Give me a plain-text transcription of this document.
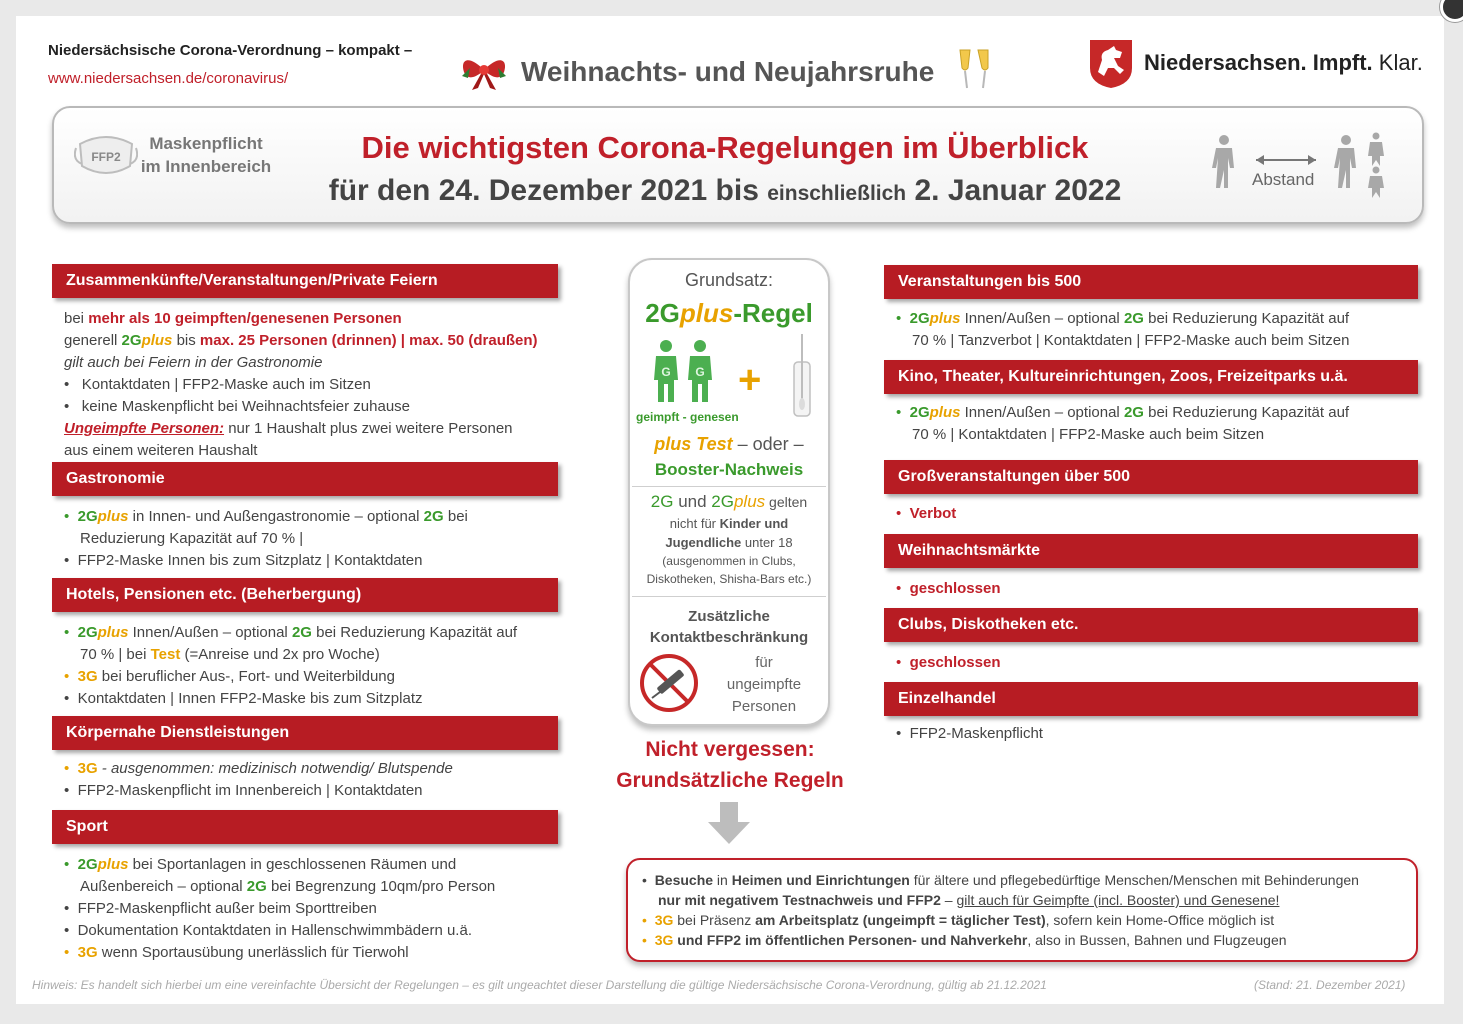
Niedersächsische Corona-Verordnung – kompakt –
www.niedersachsen.de/coronavirus/	Weihnachts- und Neujahrsruhe	Niedersachsen. Impft. Klar.
FFP2
Maskenpflicht
im Innenbereich
Die wichtigsten Corona-Regelungen im Überblick
für den 24. Dezember 2021 bis einschließlich 2. Januar 2022	Abstand
Zusammenkünfte/Veranstaltungen/Private Feiern
bei mehr als 10 geimpften/genesenen Personen
generell 2Gplus bis max. 25 Personen (drinnen) | max. 50 (draußen)
gilt auch bei Feiern in der Gastronomie
•   Kontaktdaten | FFP2-Maske auch im Sitzen
•   keine Maskenpflicht bei Weihnachtsfeier zuhause
Ungeimpfte Personen: nur 1 Haushalt plus zwei weitere Personen
aus einem weiteren Haushalt
Gastronomie
• 2Gplus in Innen- und Außengastronomie – optional 2G bei
Reduzierung Kapazität auf 70 % |
•  FFP2-Maske Innen bis zum Sitzplatz | Kontaktdaten
Hotels, Pensionen etc. (Beherbergung)
• 2Gplus Innen/Außen – optional 2G bei Reduzierung Kapazität auf
70 % | bei Test (=Anreise und 2x pro Woche)
• 3G bei beruflicher Aus-, Fort- und Weiterbildung
•  Kontaktdaten | Innen FFP2-Maske bis zum Sitzplatz
Körpernahe Dienstleistungen
• 3G - ausgenommen: medizinisch notwendig/ Blutspende
•  FFP2-Maskenpflicht im Innenbereich | Kontaktdaten
Sport
• 2Gplus bei Sportanlagen in geschlossenen Räumen und
Außenbereich – optional 2G bei Begrenzung 10qm/pro Person
•  FFP2-Maskenpflicht außer beim Sporttreiben
•  Dokumentation Kontaktdaten in Hallenschwimmbädern u.ä.
• 3G wenn Sportausübung unerlässlich für Tierwohl
Grundsatz:
2Gplus-Regel
G G +
geimpft - genesen
plus Test – oder –
Booster-Nachweis
2G und 2Gplus gelten
nicht für Kinder und
Jugendliche unter 18
(ausgenommen in Clubs,
Diskotheken, Shisha-Bars etc.)
Zusätzliche
Kontaktbeschränkung
für
ungeimpfte
Personen
Nicht vergessen:
Grundsätzliche Regeln
Veranstaltungen bis 500
• 2Gplus Innen/Außen – optional 2G bei Reduzierung Kapazität auf
70 % | Tanzverbot | Kontaktdaten | FFP2-Maske auch beim Sitzen
Kino, Theater, Kultureinrichtungen, Zoos, Freizeitparks u.ä.
• 2Gplus Innen/Außen – optional 2G bei Reduzierung Kapazität auf
70 % | Kontaktdaten | FFP2-Maske auch beim Sitzen
Großveranstaltungen über 500
• Verbot
Weihnachtsmärkte
• geschlossen
Clubs, Diskotheken etc.
• geschlossen
Einzelhandel
•  FFP2-Maskenpflicht
•  Besuche in Heimen und Einrichtungen für ältere und pflegebedürftige Menschen/Menschen mit Behinderungen
nur mit negativem Testnachweis und FFP2 – gilt auch für Geimpfte (incl. Booster) und Genesene!
• 3G bei Präsenz am Arbeitsplatz (ungeimpft = täglicher Test), sofern kein Home-Office möglich ist
• 3G und FFP2 im öffentlichen Personen- und Nahverkehr, also in Bussen, Bahnen und Flugzeugen
Hinweis: Es handelt sich hierbei um eine vereinfachte Übersicht der Regelungen – es gilt ungeachtet dieser Darstellung die gültige Niedersächsische Corona-Verordnung, gültig ab 21.12.2021	(Stand: 21. Dezember 2021)
